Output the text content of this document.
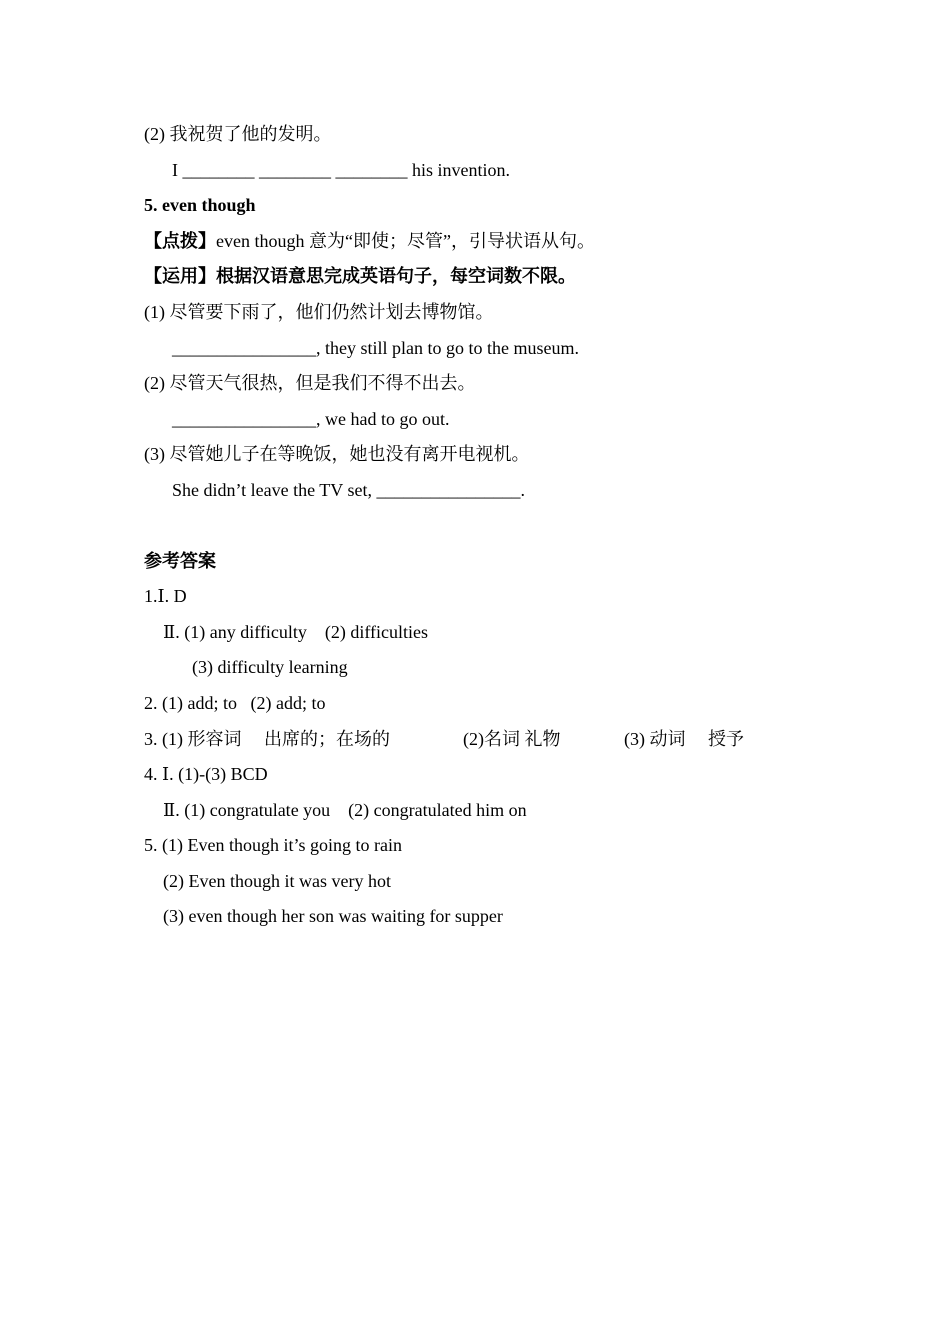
(2) 我祝贺了他的发明。
I ________ ________ ________ his invention.
5. even though
【点拨】even though 意为“即使；尽管”，引导状语从句。
【运用】根据汉语意思完成英语句子，每空词数不限。
(1) 尽管要下雨了，他们仍然计划去博物馆。
________________, they still plan to go to the museum.
(2) 尽管天气很热，但是我们不得不出去。
________________, we had to go out.
(3) 尽管她儿子在等晚饭，她也没有离开电视机。
She didn’t leave the TV set, ________________.
参考答案
1.Ⅰ. D
Ⅱ. (1) any difficulty    (2) difficulties
(3) difficulty learning
2. (1) add; to   (2) add; to
3. (1) 形容词     出席的；在场的	(2)名词 礼物	(3) 动词     授予
4. Ⅰ. (1)-(3) BCD
Ⅱ. (1) congratulate you    (2) congratulated him on
5. (1) Even though it’s going to rain
(2) Even though it was very hot
(3) even though her son was waiting for supper
